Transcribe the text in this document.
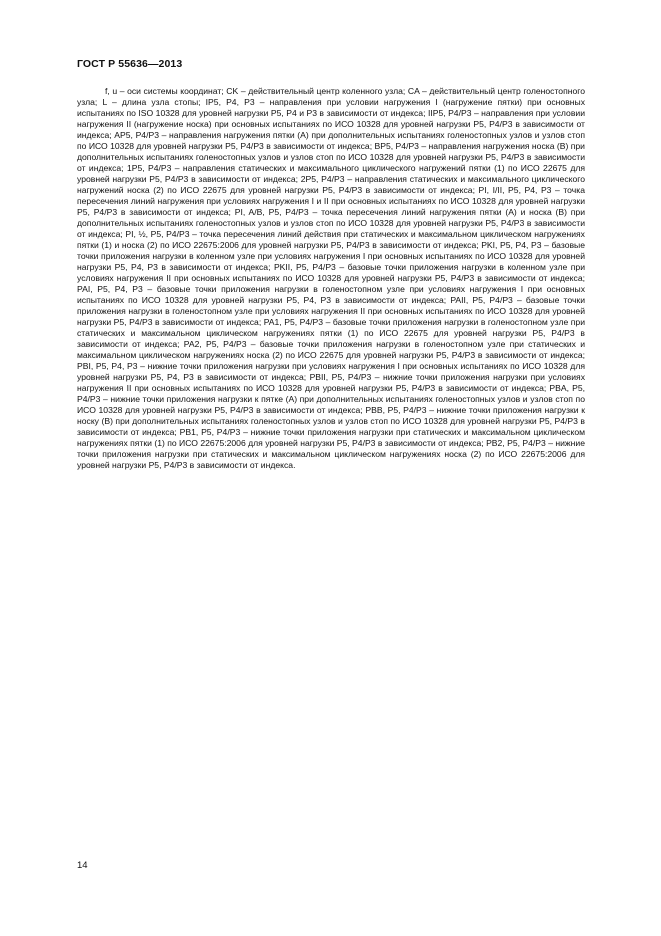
ГОСТ Р 55636—2013

f, u – оси системы координат; CK – действительный центр коленного узла; CA – действительный центр голеностопного узла; L – длина узла стопы; IP5, P4, P3 – направления при условии нагружения I (нагружение пятки) при основных испытаниях по ISO 10328 для уровней нагрузки P5, P4 и P3 в зависимости от индекса; IIP5, P4/P3 – направления при условии нагружения II (нагружение носка) при основных испытаниях по ИСО 10328 для уровней нагрузки P5, P4/P3 в зависимости от индекса; AP5, P4/P3 – направления нагружения пятки (A) при дополнительных испытаниях голеностопных узлов и узлов стоп по ИСО 10328 для уровней нагрузки P5, P4/P3 в зависимости от индекса; BP5, P4/P3 – направления нагружения носка (B) при дополнительных испытаниях голеностопных узлов и узлов стоп по ИСО 10328 для уровней нагрузки P5, P4/P3 в зависимости от индекса; 1P5, P4/P3 – направления статических и максимального циклического нагружений пятки (1) по ИСО 22675 для уровней нагрузки P5, P4/P3 в зависимости от индекса; 2P5, P4/P3 – направления статических и максимального циклического нагружений носка (2) по ИСО 22675 для уровней нагрузки P5, P4/P3 в зависимости от индекса; PI, I/II, P5, P4, P3 – точка пересечения линий нагружения при условиях нагружения I и II при основных испытаниях по ИСО 10328 для уровней нагрузки P5, P4/P3 в зависимости от индекса; PI, A/B, P5, P4/P3 – точка пересечения линий нагружения пятки (A) и носка (B) при дополнительных испытаниях голеностопных узлов и узлов стоп по ИСО 10328 для уровней нагрузки P5, P4/P3 в зависимости от индекса; PI, ½, P5, P4/P3 – точка пересечения линий действия при статических и максимальном циклическом нагружениях пятки (1) и носка (2) по ИСО 22675:2006 для уровней нагрузки P5, P4/P3 в зависимости от индекса; PKI, P5, P4, P3 – базовые точки приложения нагрузки в коленном узле при условиях нагружения I при основных испытаниях по ИСО 10328 для уровней нагрузки P5, P4, P3 в зависимости от индекса; PKII, P5, P4/P3 – базовые точки приложения нагрузки в коленном узле при условиях нагружения II при основных испытаниях по ИСО 10328 для уровней нагрузки P5, P4/P3 в зависимости от индекса; PAI, P5, P4, P3 – базовые точки приложения нагрузки в голеностопном узле при условиях нагружения I при основных испытаниях по ИСО 10328 для уровней нагрузки P5, P4, P3 в зависимости от индекса; PAII, P5, P4/P3 – базовые точки приложения нагрузки в голеностопном узле при условиях нагружения II при основных испытаниях по ИСО 10328 для уровней нагрузки P5, P4/P3 в зависимости от индекса; PA1, P5, P4/P3 – базовые точки приложения нагрузки в голеностопном узле при статических и максимальном циклическом нагружениях пятки (1) по ИСО 22675 для уровней нагрузки P5, P4/P3 в зависимости от индекса; PA2, P5, P4/P3 – базовые точки приложения нагрузки в голеностопном узле при статических и максимальном циклическом нагружениях носка (2) по ИСО 22675 для уровней нагрузки P5, P4/P3 в зависимости от индекса; PBI, P5, P4, P3 – нижние точки приложения нагрузки при условиях нагружения I при основных испытаниях по ИСО 10328 для уровней нагрузки P5, P4, P3 в зависимости от индекса; PBII, P5, P4/P3 – нижние точки приложения нагрузки при условиях нагружения II при основных испытаниях по ИСО 10328 для уровней нагрузки P5, P4/P3 в зависимости от индекса; PBA, P5, P4/P3 – нижние точки приложения нагрузки к пятке (A) при дополнительных испытаниях голеностопных узлов и узлов стоп по ИСО 10328 для уровней нагрузки P5, P4/P3 в зависимости от индекса; PBB, P5, P4/P3 – нижние точки приложения нагрузки к носку (B) при дополнительных испытаниях голеностопных узлов и узлов стоп по ИСО 10328 для уровней нагрузки P5, P4/P3 в зависимости от индекса; PB1, P5, P4/P3 – нижние точки приложения нагрузки при статических и максимальном циклическом нагружениях пятки (1) по ИСО 22675:2006 для уровней нагрузки P5, P4/P3 в зависимости от индекса; PB2, P5, P4/P3 – нижние точки приложения нагрузки при статических и максимальном циклическом нагружениях носка (2) по ИСО 22675:2006 для уровней нагрузки P5, P4/P3 в зависимости от индекса.

14
